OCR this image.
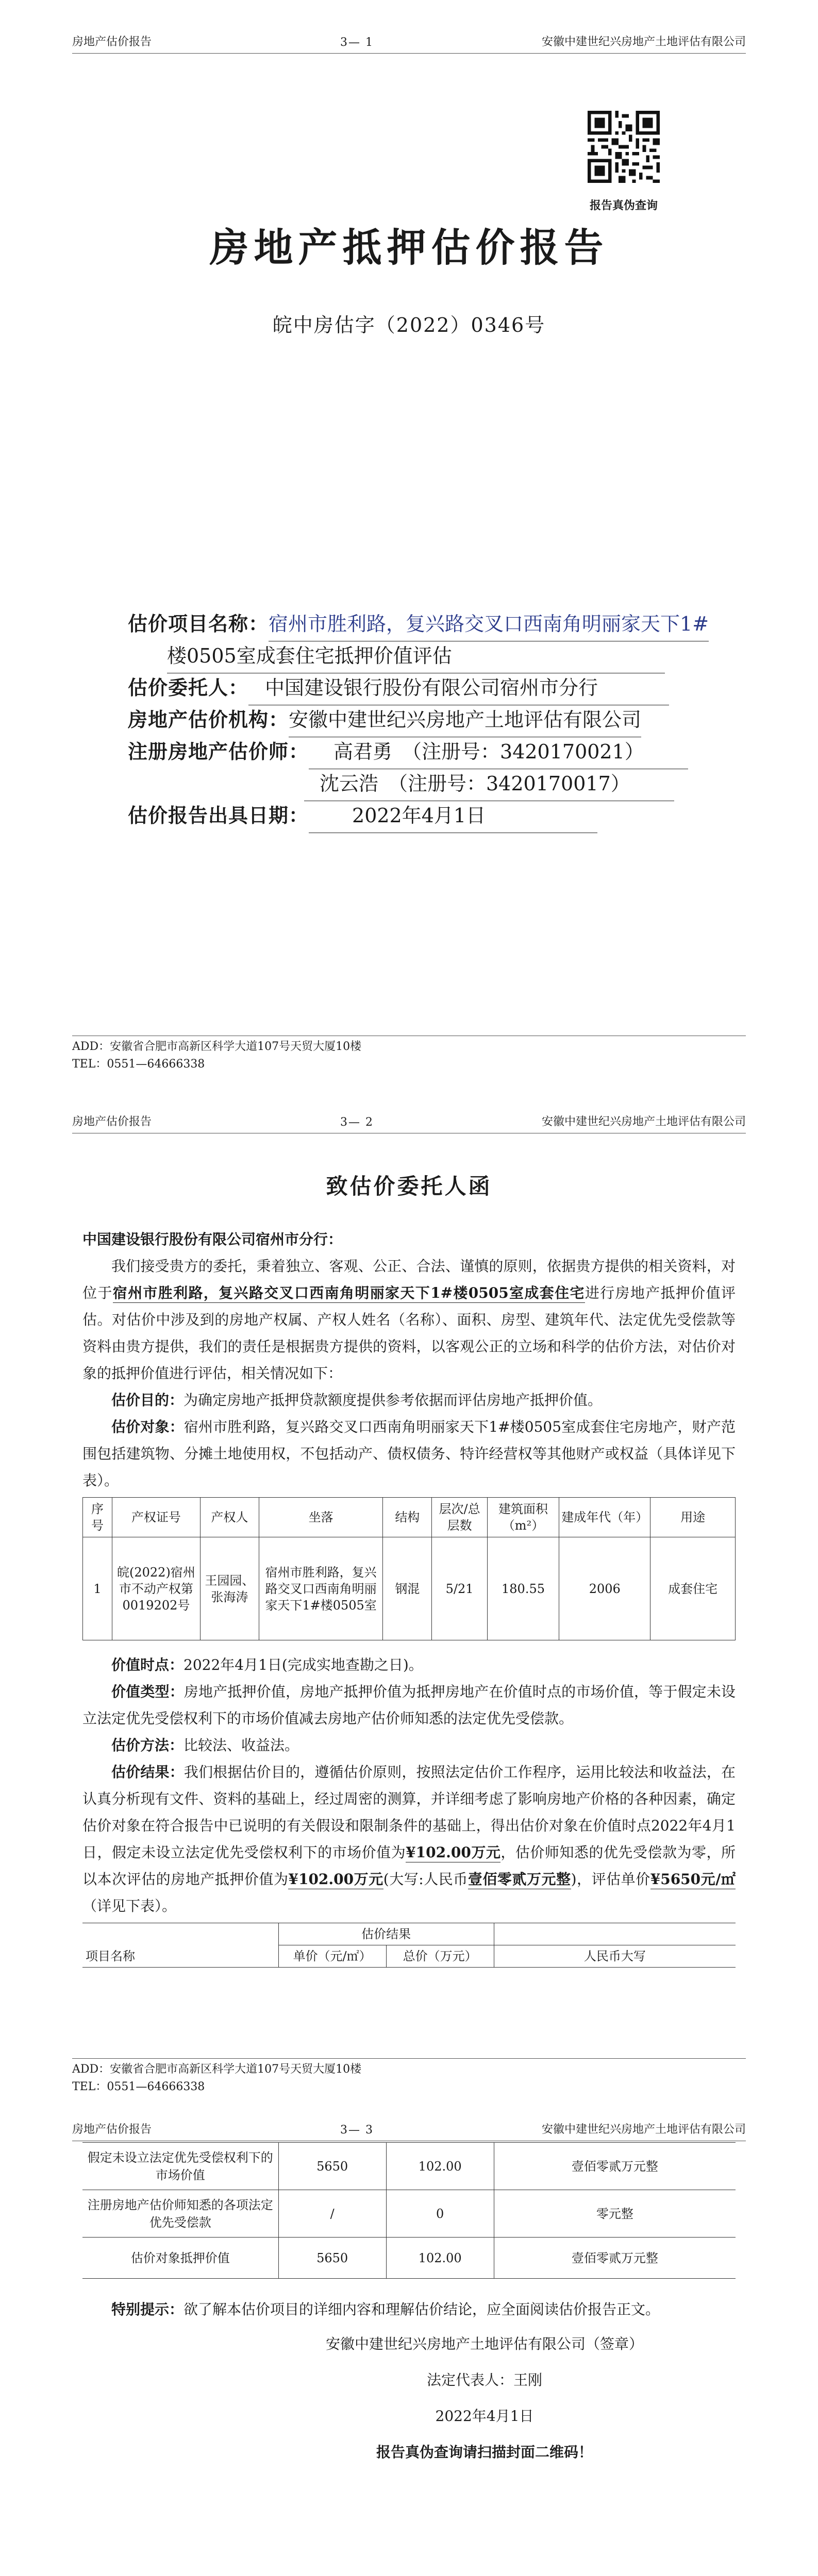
房地产估价报告	3— 1	安徽中建世纪兴房地产土地评估有限公司
报告真伪查询
房地产抵押估价报告
皖中房估字（2022）0346号
估价项目名称：宿州市胜利路，复兴路交叉口西南角明丽家天下1#
楼0505室成套住宅抵押价值评估
估价委托人： 中国建设银行股份有限公司宿州市分行
房地产估价机构：安徽中建世纪兴房地产土地评估有限公司
注册房地产估价师： 高君勇　（注册号：3420170021）
沈云浩　（注册号：3420170017）
估价报告出具日期： 2022年4月1日
ADD：安徽省合肥市高新区科学大道107号天贸大厦10楼
TEL：0551—64666338
房地产估价报告	3— 2	安徽中建世纪兴房地产土地评估有限公司
致估价委托人函

中国建设银行股份有限公司宿州市分行：

我们接受贵方的委托，秉着独立、客观、公正、合法、谨慎的原则，依据贵方提供的相关资料，对位于宿州市胜利路，复兴路交叉口西南角明丽家天下1#楼0505室成套住宅进行房地产抵押价值评估。对估价中涉及到的房地产权属、产权人姓名（名称）、面积、房型、建筑年代、法定优先受偿款等资料由贵方提供，我们的责任是根据贵方提供的资料，以客观公正的立场和科学的估价方法，对估价对象的抵押价值进行评估，相关情况如下：

估价目的：为确定房地产抵押贷款额度提供参考依据而评估房地产抵押价值。

估价对象：宿州市胜利路，复兴路交叉口西南角明丽家天下1#楼0505室成套住宅房地产，财产范围包括建筑物、分摊土地使用权，不包括动产、债权债务、特许经营权等其他财产或权益（具体详见下表）。

序号	产权证号	产权人	坐落	结构	层次/总层数	建筑面积（m²）	建成年代（年）	用途
1	皖(2022)宿州市不动产权第0019202号	王园园、张海涛	宿州市胜利路，复兴路交叉口西南角明丽家天下1#楼0505室	钢混	5/21	180.55	2006	成套住宅

价值时点：2022年4月1日(完成实地查勘之日)。

价值类型：房地产抵押价值，房地产抵押价值为抵押房地产在价值时点的市场价值，等于假定未设立法定优先受偿权利下的市场价值减去房地产估价师知悉的法定优先受偿款。

估价方法：比较法、收益法。

估价结果：我们根据估价目的，遵循估价原则，按照法定估价工作程序，运用比较法和收益法，在认真分析现有文件、资料的基础上，经过周密的测算，并详细考虑了影响房地产价格的各种因素，确定估价对象在符合报告中已说明的有关假设和限制条件的基础上，得出估价对象在价值时点2022年4月1日，假定未设立法定优先受偿权利下的市场价值为¥102.00万元，估价师知悉的优先受偿款为零，所以本次评估的房地产抵押价值为¥102.00万元(大写:人民币壹佰零贰万元整)，评估单价¥5650元/㎡（详见下表）。

项目名称	估价结果		
	单价（元/㎡）	总价（万元）	人民币大写
ADD：安徽省合肥市高新区科学大道107号天贸大厦10楼
TEL：0551—64666338
房地产估价报告	3— 3	安徽中建世纪兴房地产土地评估有限公司
假定未设立法定优先受偿权利下的市场价值	5650	102.00	壹佰零贰万元整
注册房地产估价师知悉的各项法定优先受偿款	/	0	零元整
估价对象抵押价值	5650	102.00	壹佰零贰万元整

特别提示：欲了解本估价项目的详细内容和理解估价结论，应全面阅读估价报告正文。

安徽中建世纪兴房地产土地评估有限公司（签章）
法定代表人：王刚
2022年4月1日
报告真伪查询请扫描封面二维码！
